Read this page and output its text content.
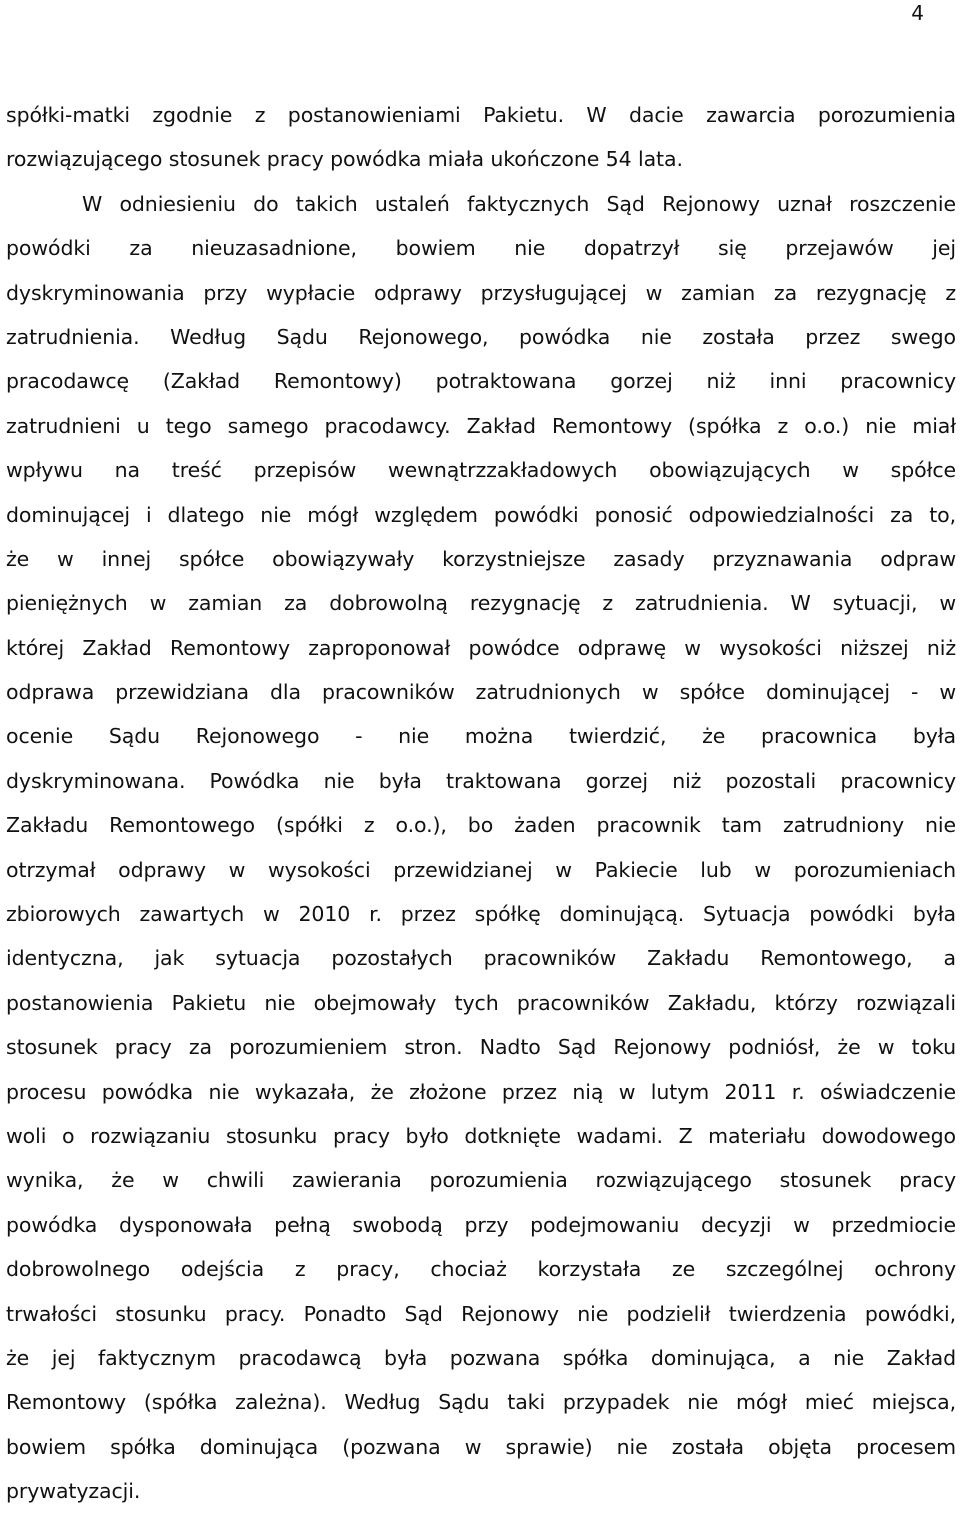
4
spółki-matki zgodnie z postanowieniami Pakietu. W dacie zawarcia porozumienia
rozwiązującego stosunek pracy powódka miała ukończone 54 lata.
W odniesieniu do takich ustaleń faktycznych Sąd Rejonowy uznał roszczenie
powódki za nieuzasadnione, bowiem nie dopatrzył się przejawów jej
dyskryminowania przy wypłacie odprawy przysługującej w zamian za rezygnację z
zatrudnienia. Według Sądu Rejonowego, powódka nie została przez swego
pracodawcę (Zakład Remontowy) potraktowana gorzej niż inni pracownicy
zatrudnieni u tego samego pracodawcy. Zakład Remontowy (spółka z o.o.) nie miał
wpływu na treść przepisów wewnątrzzakładowych obowiązujących w spółce
dominującej i dlatego nie mógł względem powódki ponosić odpowiedzialności za to,
że w innej spółce obowiązywały korzystniejsze zasady przyznawania odpraw
pieniężnych w zamian za dobrowolną rezygnację z zatrudnienia. W sytuacji, w
której Zakład Remontowy zaproponował powódce odprawę w wysokości niższej niż
odprawa przewidziana dla pracowników zatrudnionych w spółce dominującej - w
ocenie Sądu Rejonowego - nie można twierdzić, że pracownica była
dyskryminowana. Powódka nie była traktowana gorzej niż pozostali pracownicy
Zakładu Remontowego (spółki z o.o.), bo żaden pracownik tam zatrudniony nie
otrzymał odprawy w wysokości przewidzianej w Pakiecie lub w porozumieniach
zbiorowych zawartych w 2010 r. przez spółkę dominującą. Sytuacja powódki była
identyczna, jak sytuacja pozostałych pracowników Zakładu Remontowego, a
postanowienia Pakietu nie obejmowały tych pracowników Zakładu, którzy rozwiązali
stosunek pracy za porozumieniem stron. Nadto Sąd Rejonowy podniósł, że w toku
procesu powódka nie wykazała, że złożone przez nią w lutym 2011 r. oświadczenie
woli o rozwiązaniu stosunku pracy było dotknięte wadami. Z materiału dowodowego
wynika, że w chwili zawierania porozumienia rozwiązującego stosunek pracy
powódka dysponowała pełną swobodą przy podejmowaniu decyzji w przedmiocie
dobrowolnego odejścia z pracy, chociaż korzystała ze szczególnej ochrony
trwałości stosunku pracy. Ponadto Sąd Rejonowy nie podzielił twierdzenia powódki,
że jej faktycznym pracodawcą była pozwana spółka dominująca, a nie Zakład
Remontowy (spółka zależna). Według Sądu taki przypadek nie mógł mieć miejsca,
bowiem spółka dominująca (pozwana w sprawie) nie została objęta procesem
prywatyzacji.
